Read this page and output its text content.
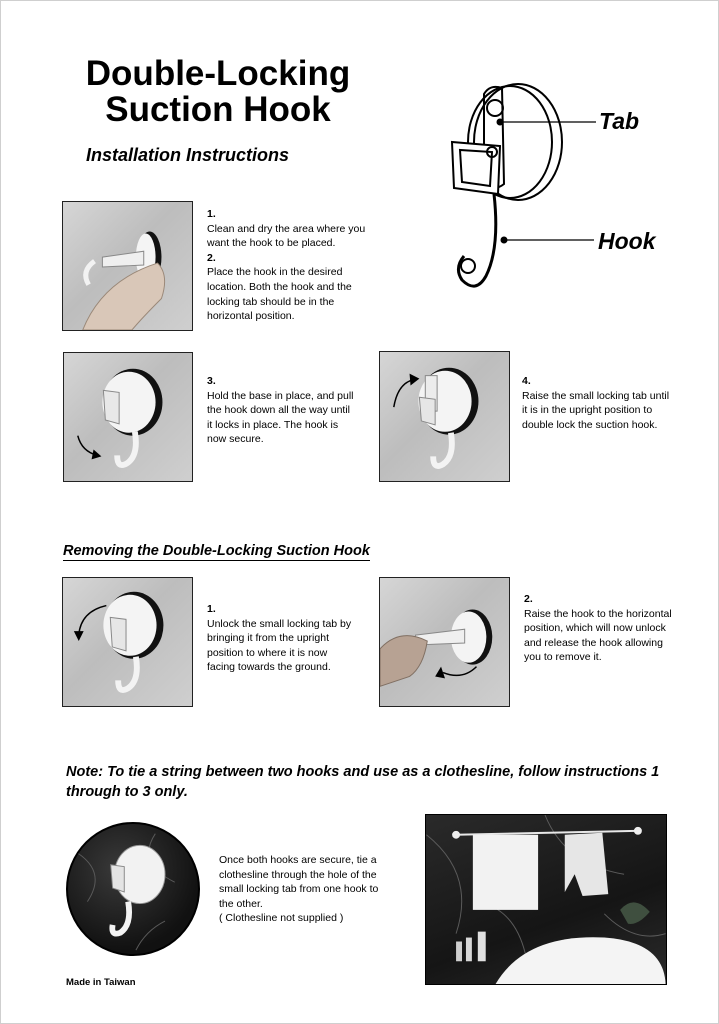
Double-Locking
Suction Hook
Installation Instructions
Tab
Hook
1.
Clean and dry the area where you want the hook to be placed.
2.
Place the hook in the desired location. Both the hook and the locking tab should be in the horizontal position.
3.
Hold the base in place, and pull the hook down all the way until it locks in place. The hook is now secure.
4.
Raise the small locking tab until it is in the upright position to double lock the suction hook.
Removing the Double-Locking Suction Hook
1.
Unlock the small locking tab by bringing it from the upright position to where it is now facing towards the ground.
2.
Raise the hook to the horizontal position, which will now unlock and release the hook allowing you to remove it.
Note: To tie a string between two hooks and use as a clothesline, follow instructions 1 through to 3 only.
Once both hooks are secure, tie a clothesline through the hole of the small locking tab from one hook to the other.
( Clothesline not supplied )
Made in Taiwan
